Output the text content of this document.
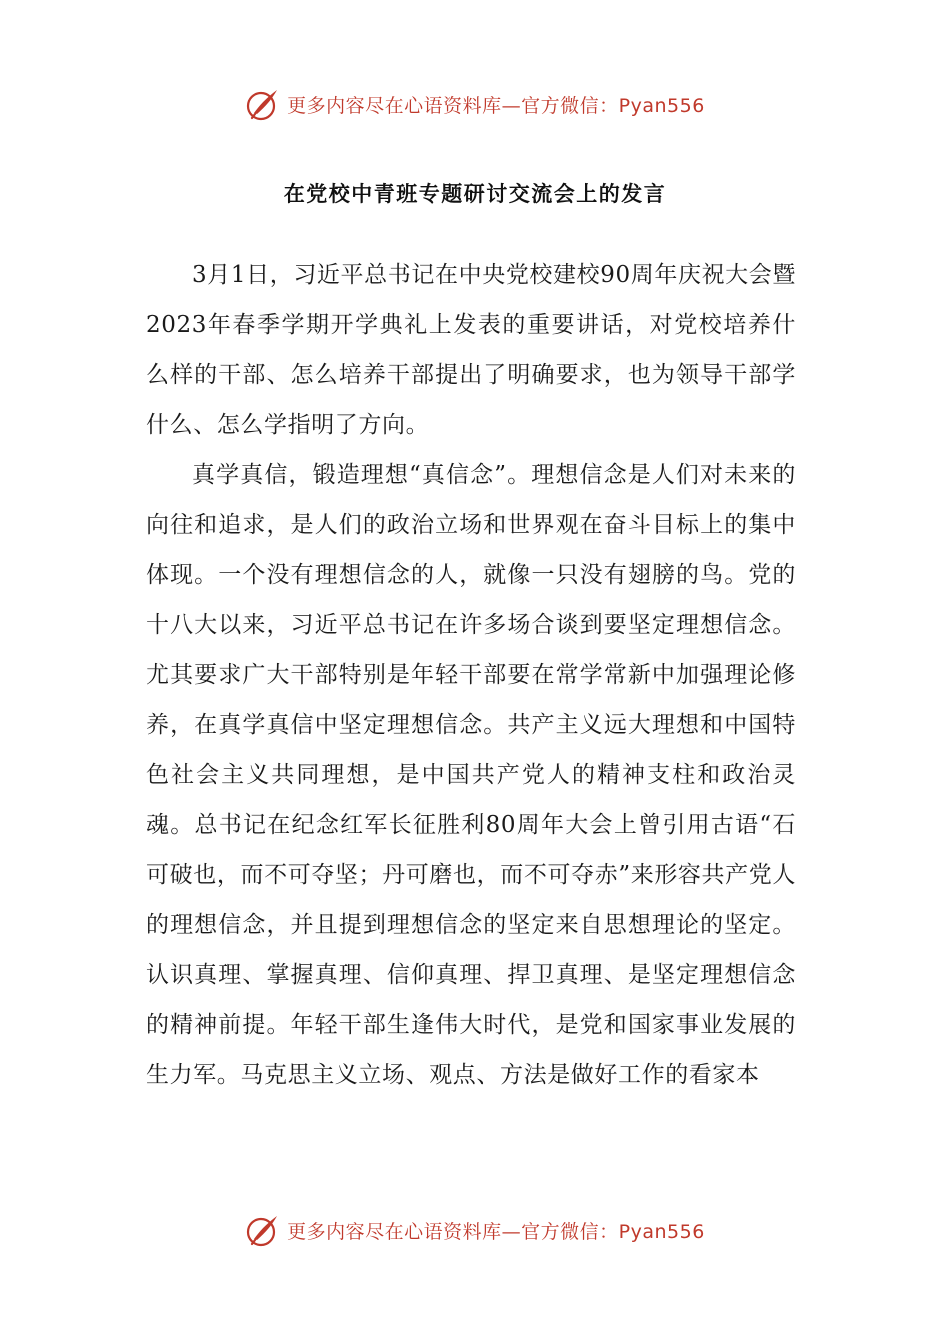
更多内容尽在心语资料库—官方微信：Pyan556
在党校中青班专题研讨交流会上的发言

3月1日，习近平总书记在中央党校建校90周年庆祝大会暨2023年春季学期开学典礼上发表的重要讲话，对党校培养什么样的干部、怎么培养干部提出了明确要求，也为领导干部学什么、怎么学指明了方向。

真学真信，锻造理想“真信念”。理想信念是人们对未来的向往和追求，是人们的政治立场和世界观在奋斗目标上的集中体现。一个没有理想信念的人，就像一只没有翅膀的鸟。党的十八大以来，习近平总书记在许多场合谈到要坚定理想信念。尤其要求广大干部特别是年轻干部要在常学常新中加强理论修养，在真学真信中坚定理想信念。共产主义远大理想和中国特色社会主义共同理想，是中国共产党人的精神支柱和政治灵魂。总书记在纪念红军长征胜利80周年大会上曾引用古语“石可破也，而不可夺坚；丹可磨也，而不可夺赤”来形容共产党人的理想信念，并且提到理想信念的坚定来自思想理论的坚定。认识真理、掌握真理、信仰真理、捍卫真理、是坚定理想信念的精神前提。年轻干部生逢伟大时代，是党和国家事业发展的生力军。马克思主义立场、观点、方法是做好工作的看家本

更多内容尽在心语资料库—官方微信：Pyan556
